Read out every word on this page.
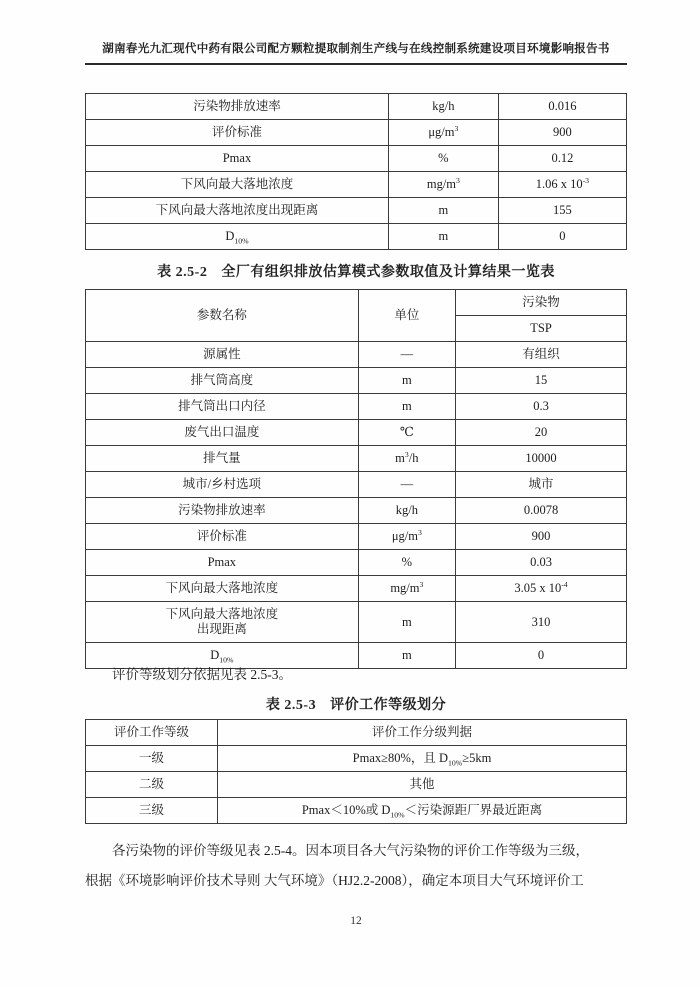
湖南春光九汇现代中药有限公司配方颗粒提取制剂生产线与在线控制系统建设项目环境影响报告书
污染物排放速率	kg/h	0.016
评价标准	$\mu g/m^3$	900
Pmax	%	0.12
下风向最大落地浓度	$mg/m^3$	1.06 x $10^{-3}$
下风向最大落地浓度出现距离	m	155
$D_{10\%}$	m	0
表 2.5-2 全厂有组织排放估算模式参数取值及计算结果一览表
参数名称	单位	污染物
		TSP
源属性	—	有组织
排气筒高度	m	15
排气筒出口内径	m	0.3
废气出口温度	℃	20
排气量	$m^3/h$	10000
城市/乡村选项	—	城市
污染物排放速率	kg/h	0.0078
评价标准	$\mu g/m^3$	900
Pmax	%	0.03
下风向最大落地浓度	$mg/m^3$	3.05 x $10^{-4}$
下风向最大落地浓度
出现距离	m	310
$D_{10\%}$	m	0
评价等级划分依据见表 2.5-3。
表 2.5-3 评价工作等级划分
评价工作等级	评价工作分级判据
一级	Pmax≥80%，且 $D_{10\%}\ge 5km$
二级	其他
三级	Pmax＜10%或 $D_{10\%}<$污染源距厂界最近距离
各污染物的评价等级见表 2.5-4。因本项目各大气污染物的评价工作等级为三级，
根据《环境影响评价技术导则 大气环境》（HJ2.2-2008），确定本项目大气环境评价工
12
